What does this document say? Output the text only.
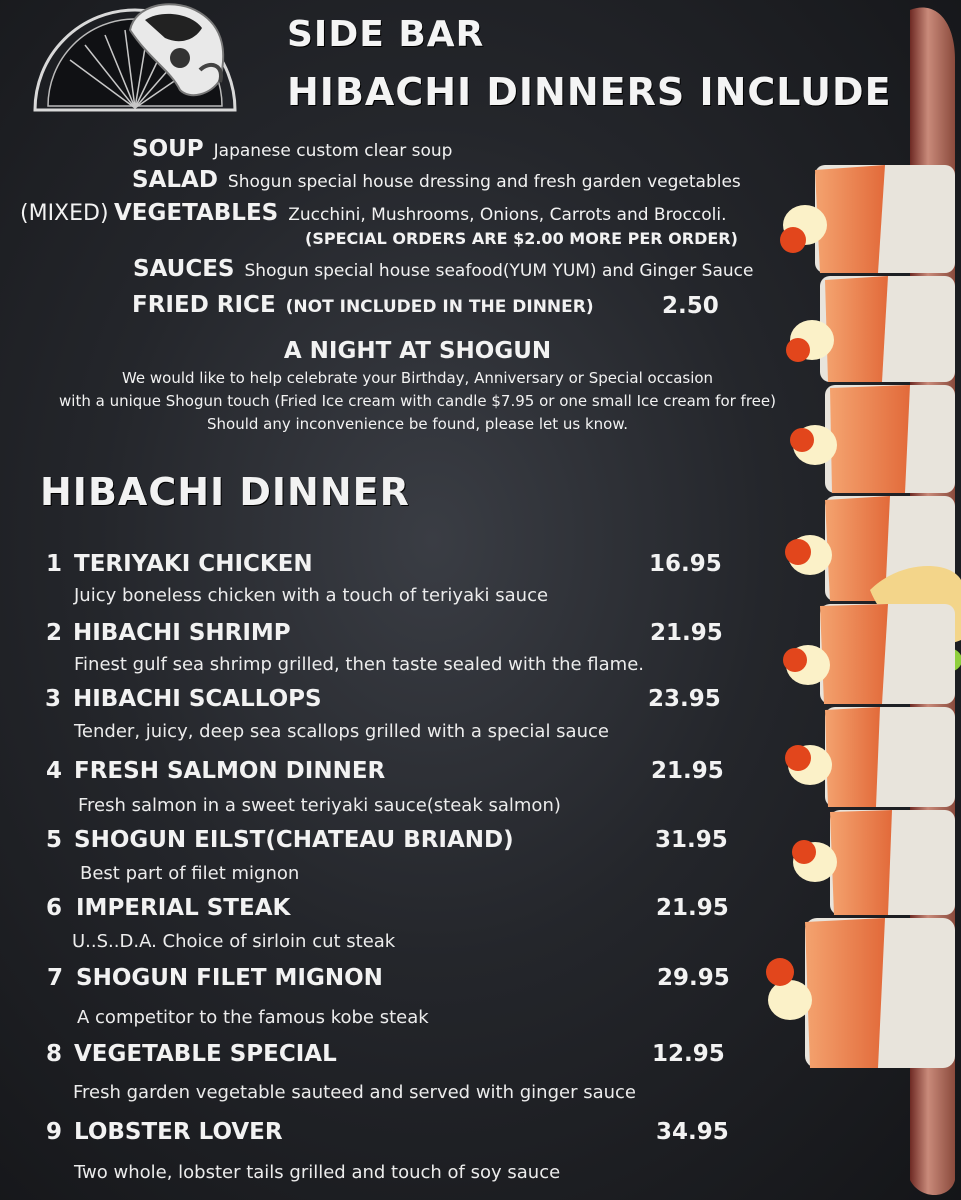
SIDE BAR
HIBACHI DINNERS INCLUDE
SOUP Japanese custom clear soup
SALAD Shogun special house dressing and fresh garden vegetables
(MIXED) VEGETABLES Zucchini, Mushrooms, Onions, Carrots and Broccoli.
(SPECIAL ORDERS ARE $2.00 MORE PER ORDER)
SAUCES Shogun special house seafood(YUM YUM) and Ginger Sauce
FRIED RICE (NOT INCLUDED IN THE DINNER)	2.50
A NIGHT AT SHOGUN
We would like to help celebrate your Birthday, Anniversary or Special occasion
with a unique Shogun touch (Fried Ice cream with candle $7.95 or one small Ice cream for free)
Should any inconvenience be found, please let us know.
HIBACHI DINNER
1 TERIYAKI CHICKEN	16.95
Juicy boneless chicken with a touch of teriyaki sauce
2 HIBACHI SHRIMP	21.95
Finest gulf sea shrimp grilled, then taste sealed with the flame.
3 HIBACHI SCALLOPS	23.95
Tender, juicy, deep sea scallops grilled with a special sauce
4 FRESH SALMON DINNER	21.95
Fresh salmon in a sweet teriyaki sauce(steak salmon)
5 SHOGUN EILST(CHATEAU BRIAND)	31.95
Best part of filet mignon
6 IMPERIAL STEAK	21.95
U..S..D.A. Choice of sirloin cut steak
7 SHOGUN FILET MIGNON	29.95
A competitor to the famous kobe steak
8 VEGETABLE SPECIAL	12.95
Fresh garden vegetable sauteed and served with ginger sauce
9 LOBSTER LOVER	34.95
Two whole, lobster tails grilled and touch of soy sauce
